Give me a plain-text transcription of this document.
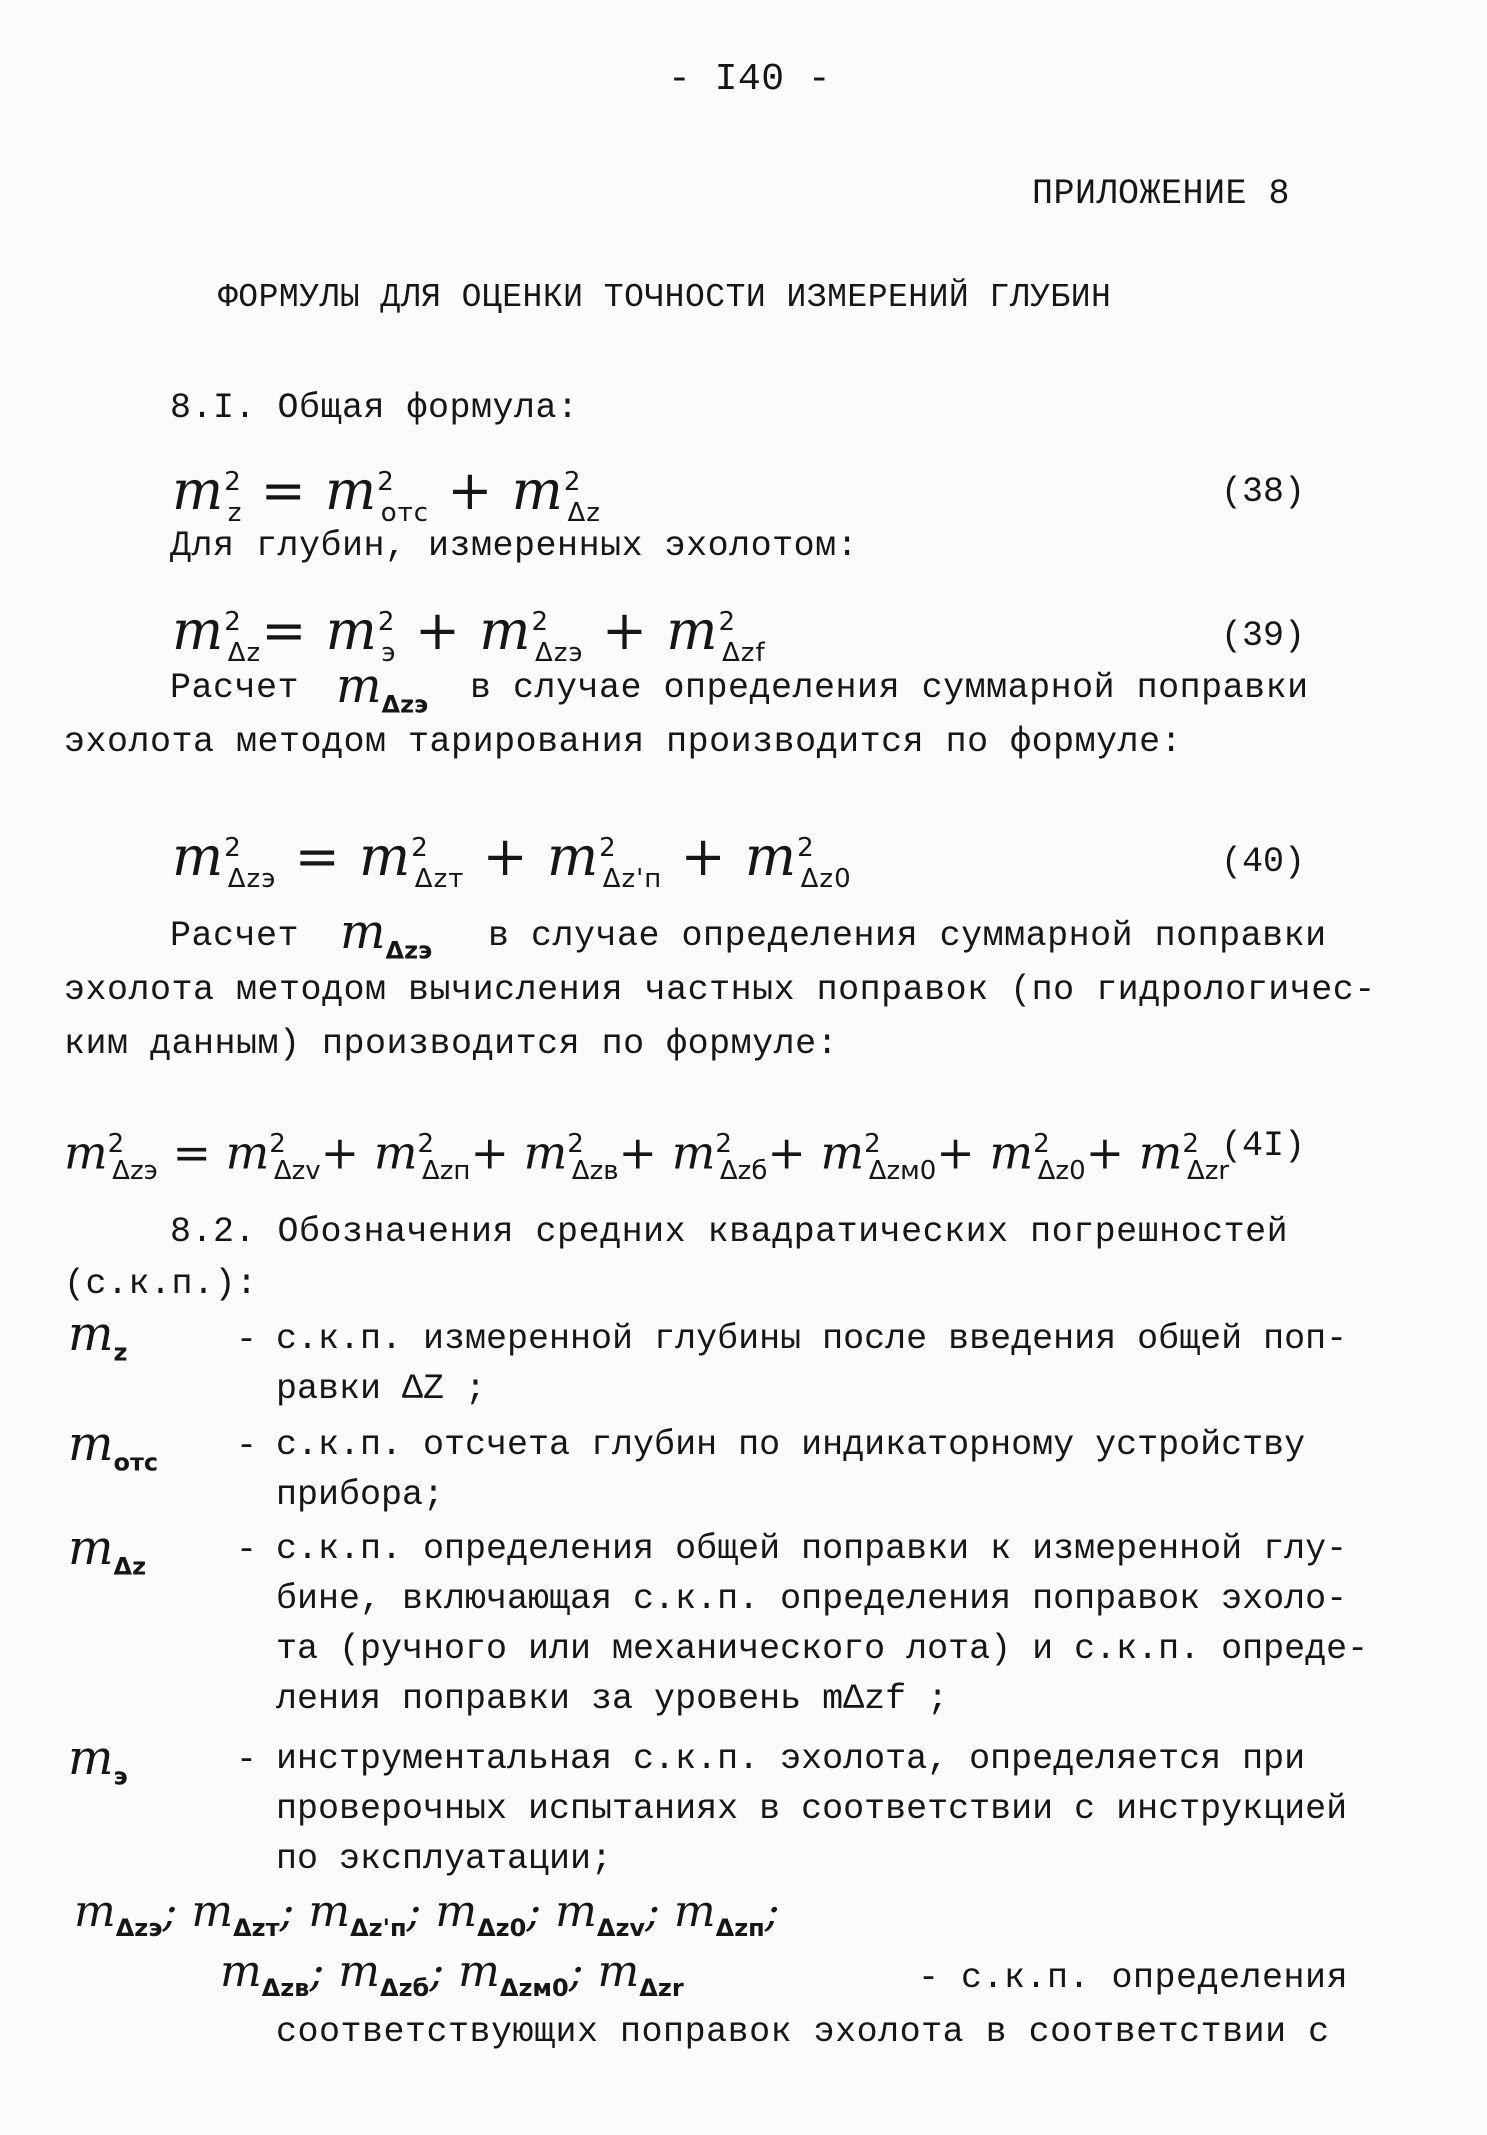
- I40 -
ПРИЛОЖЕНИЕ 8
ФОРМУЛЫ ДЛЯ ОЦЕНКИ ТОЧНОСТИ ИЗМЕРЕНИЙ ГЛУБИН
8.I. Общая формула:
$m^2_z = m^2_{отс} + m^2_{\Delta z}$
(38)
Для глубин, измеренных эхолотом:
$m^2_{\Delta z}= m^2_э + m^2_{\Delta zэ} + m^2_{\Delta zf}$	(39)
Расчет $m_{\Delta zэ}$ в случае определения суммарной поправки
эхолота методом тарирования производится по формуле:
$m^2_{\Delta zэ} = m^2_{\Delta zт} + m^2_{\Delta z'п} + m^2_{\Delta z0}$	(40)
Расчет $m_{\Delta zэ}$ в случае определения суммарной поправки
эхолота методом вычисления частных поправок (по гидрологичес-
ким данным) производится по формуле:
$m^2_{\Delta zэ} = m^2_{\Delta zv}+ m^2_{\Delta zп}+ m^2_{\Delta zв}+ m^2_{\Delta zб}+ m^2_{\Delta zм0}+ m^2_{\Delta z0}+ m^2_{\Delta zr}$
(4I)
8.2. Обозначения средних квадратических погрешностей
(с.к.п.):
$m_z$	- с.к.п. измеренной глубины после введения общей поп-

равки ΔZ ;

$m_{отс} - с.к.п$. отсчета глубин по индикаторному устройству

прибора;

$m_{\Delta z}$	- с.к.п. определения общей поправки к измеренной глу-

бине, включающая с.к.п. определения поправок эхоло-

та (ручного или механического лота) и с.к.п. опреде-

ления поправки за уровень mΔzf ;

$m_э$	- инструментальная с.к.п. эхолота, определяется при

проверочных испытаниях в соответствии с инструкцией

по эксплуатации;

$m_{\Delta zэ}$; $m_{\Delta zт}$; $m_{\Delta z'п}$; $m_{\Delta z0}$; $m_{\Delta zv}$; $m_{\Delta zп}$;
$m_{\Delta zв}$; $m_{\Delta zб}$; $m_{\Delta zм0}$; $m_{\Delta zr}$	- с.к.п. определения
соответствующих поправок эхолота в соответствии с
